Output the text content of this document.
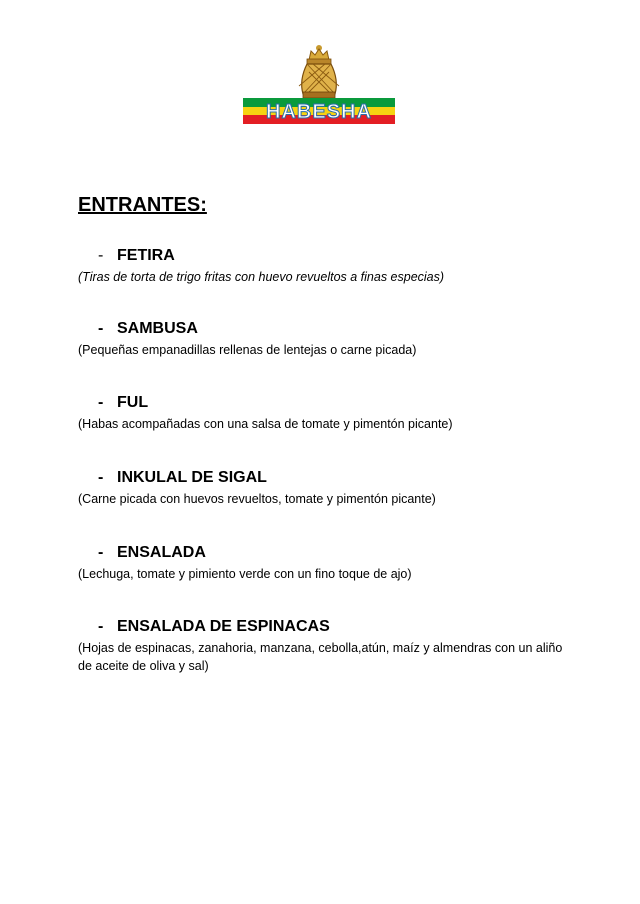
HABESHA
ENTRANTES:

- FETIRA

(Tiras de torta de trigo fritas con huevo revueltos a finas especias)

- SAMBUSA

(Pequeñas empanadillas rellenas de lentejas o carne picada)

- FUL

(Habas acompañadas con una salsa de tomate y pimentón picante)

- INKULAL DE SIGAL

(Carne picada con huevos revueltos, tomate y pimentón picante)

- ENSALADA

(Lechuga, tomate y pimiento verde con un fino toque de ajo)

- ENSALADA DE ESPINACAS

(Hojas de espinacas, zanahoria, manzana, cebolla,atún, maíz y almendras con un aliño de aceite de oliva y sal)
